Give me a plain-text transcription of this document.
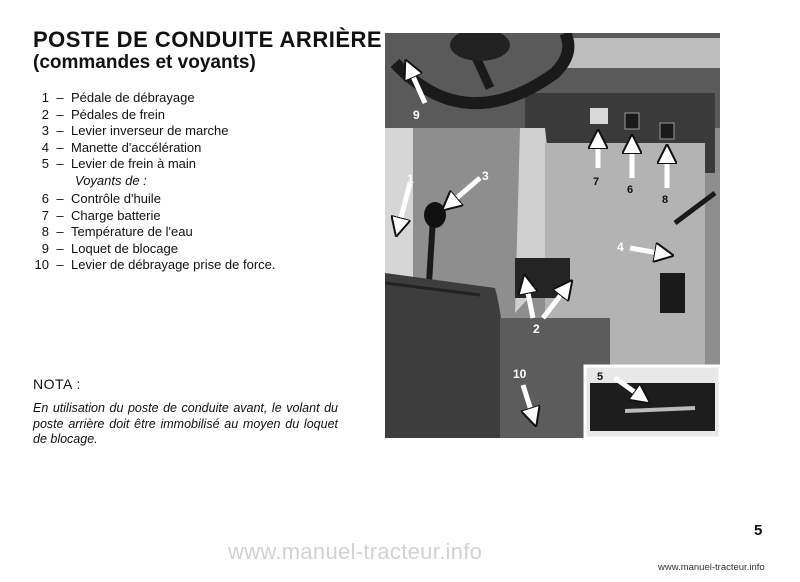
POSTE DE CONDUITE ARRIÈRE
(commandes et voyants)
1 – Pédale de débrayage
2 – Pédales de frein
3 – Levier inverseur de marche
4 – Manette d'accélération
5 – Levier de frein à main
Voyants de :
6 – Contrôle d'huile
7 – Charge batterie
8 – Température de l'eau
9 – Loquet de blocage
10 – Levier de débrayage prise de force.

NOTA :

En utilisation du poste de conduite avant, le volant du poste arrière doit être immobilisé au moyen du loquet de blocage.

9
1	3	7
6
8
4
2
10	5
5
www.manuel-tracteur.info
www.manuel-tracteur.info
